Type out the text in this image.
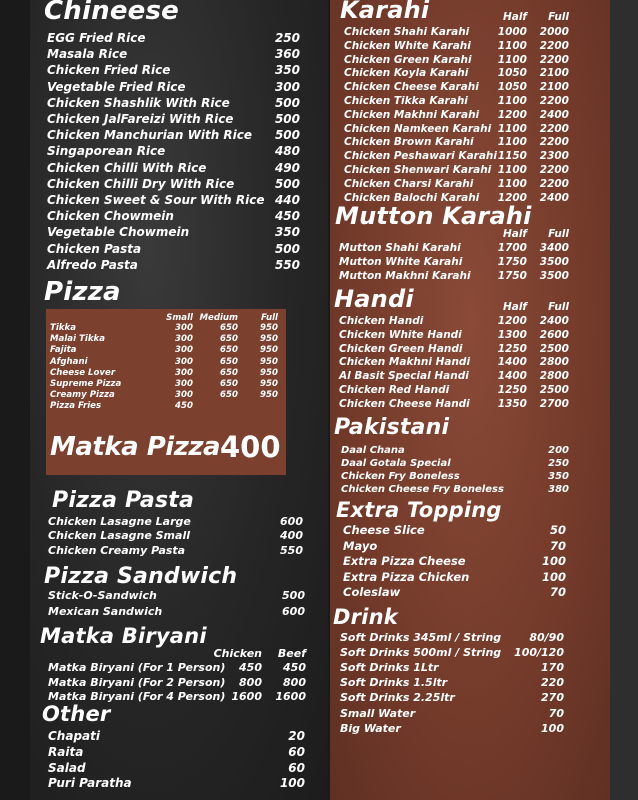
Chineese
Pizza
Pizza Pasta
Pizza Sandwich
Matka Biryani
Other
Karahi
Mutton Karahi
Handi
Pakistani
Extra Topping
Drink
Matka Pizza 400
EGG Fried Rice	250
Masala Rice	360
Chicken Fried Rice	350
Vegetable Fried Rice	300
Chicken Shashlik With Rice	500
Chicken JalFareizi With Rice	500
Chicken Manchurian With Rice 500
Singaporean Rice	480
Chicken Chilli With Rice	490
Chicken Chilli Dry With Rice	500
Chicken Sweet & Sour With Rice 440
Chicken Chowmein	450
Vegetable Chowmein	350
Chicken Pasta	500
Alfredo Pasta	550
Small Medium	Full
Tikka	300	650	950
Malai Tikka	300	650	950
Fajita	300	650	950
Afghani	300	650	950
Cheese Lover	300	650	950
Supreme Pizza	300	650	950
Creamy Pizza	300	650	950
Pizza Fries	450
Chicken Lasagne Large	600
Chicken Lasagne Small	400
Chicken Creamy Pasta	550
Stick-O-Sandwich	500
Mexican Sandwich	600
Chicken Beef
Matka Biryani (For 1 Person) 450 450
Matka Biryani (For 2 Person) 800 800
Matka Biryani (For 4 Person) 1600 1600
Chapati	20
Raita	60
Salad	60
Puri Paratha	100
Half Full
Chicken Shahi Karahi	1000 2000
Chicken White Karahi	1100 2200
Chicken Green Karahi 1100 2200
Chicken Koyla Karahi	1050 2100
Chicken Cheese Karahi 1050 2100
Chicken Tikka Karahi	1100 2200
Chicken Makhni Karahi 1200 2400
Chicken Namkeen Karahi 1100 2200
Chicken Brown Karahi 1100 2200
Chicken Peshawari Karahi 1150 2300
Chicken Shenwari Karahi 1100 2200
Chicken Charsi Karahi 1100 2200
Chicken Balochi Karahi 1200 2400
Half Full
Mutton Shahi Karahi	1700 3400
Mutton White Karahi	1750 3500
Mutton Makhni Karahi	1750 3500
Half Full
Chicken Handi	1200 2400
Chicken White Handi	1300 2600
Chicken Green Handi	1250 2500
Chicken Makhni Handi	1400 2800
Al Basit Special Handi	1400 2800
Chicken Red Handi	1250 2500
Chicken Cheese Handi	1350 2700
Daal Chana	200
Daal Gotala Special	250
Chicken Fry Boneless	350
Chicken Cheese Fry Boneless	380
Cheese Slice	50
Mayo	70
Extra Pizza Cheese	100
Extra Pizza Chicken	100
Coleslaw	70
Soft Drinks 345ml / String	80/90
Soft Drinks 500ml / String 100/120
Soft Drinks 1Ltr	170
Soft Drinks 1.5ltr	220
Soft Drinks 2.25ltr	270
Small Water	70
Big Water	100
